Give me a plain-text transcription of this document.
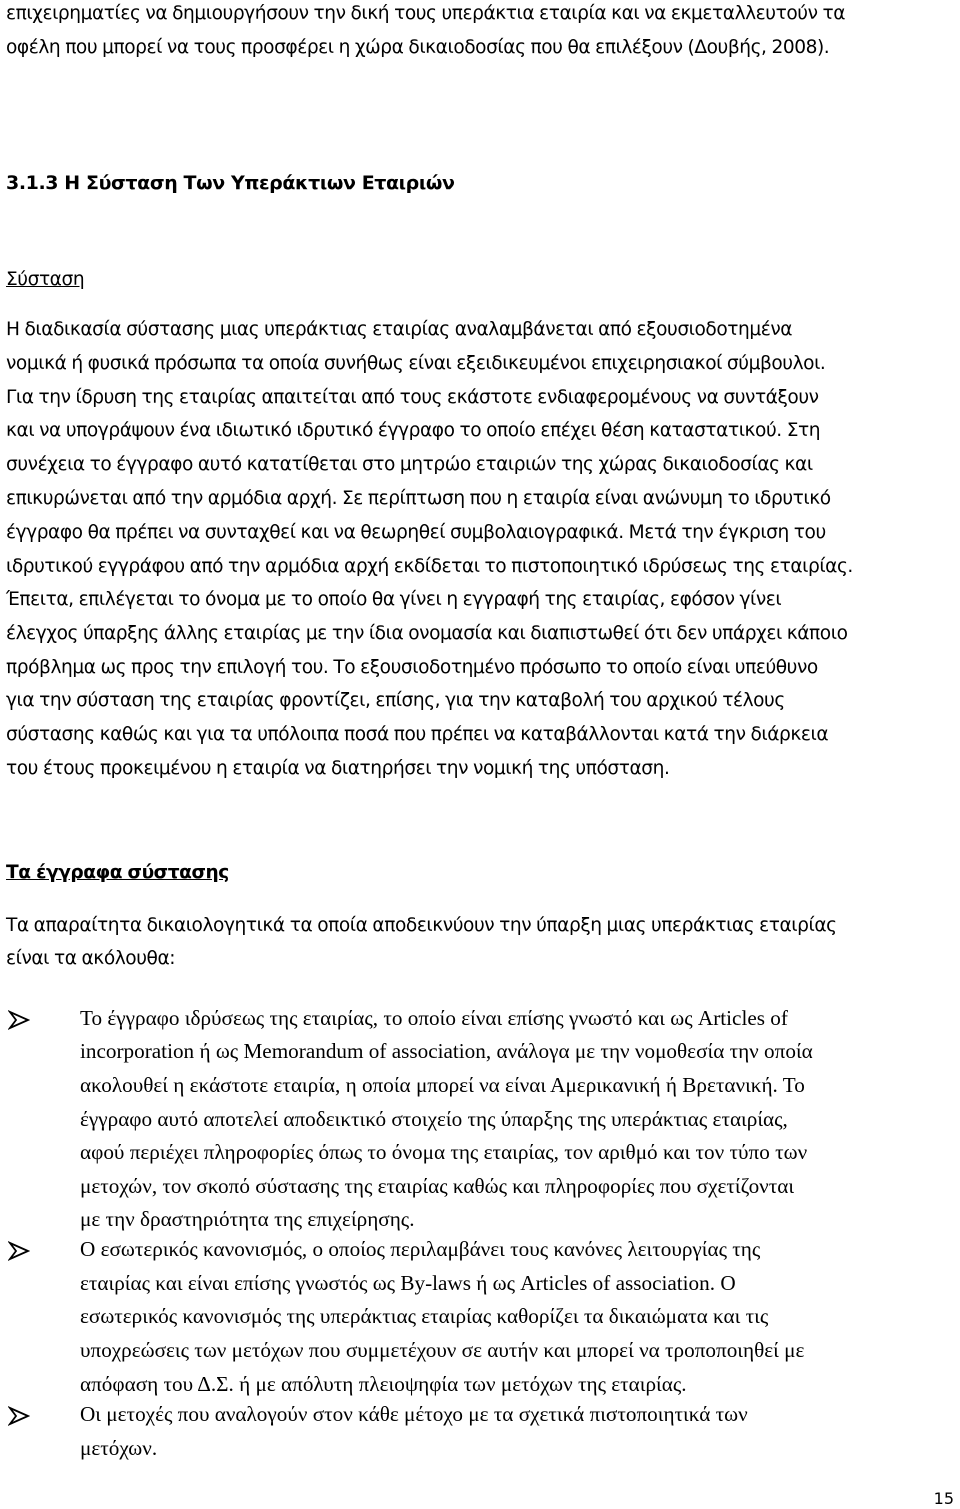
επιχειρηματίες να δημιουργήσουν την δική τους υπεράκτια εταιρία και να εκμεταλλευτούν τα

οφέλη που μπορεί να τους προσφέρει η χώρα δικαιοδοσίας που θα επιλέξουν (Δουβής, 2008).

3.1.3 Η Σύσταση Των Υπεράκτιων Εταιριών

Σύσταση

Η διαδικασία σύστασης μιας υπεράκτιας εταιρίας αναλαμβάνεται από εξουσιοδοτημένα

νομικά ή φυσικά πρόσωπα τα οποία συνήθως είναι εξειδικευμένοι επιχειρησιακοί σύμβουλοι.

Για την ίδρυση της εταιρίας απαιτείται από τους εκάστοτε ενδιαφερομένους να συντάξουν

και να υπογράψουν ένα ιδιωτικό ιδρυτικό έγγραφο το οποίο επέχει θέση καταστατικού. Στη

συνέχεια το έγγραφο αυτό κατατίθεται στο μητρώο εταιριών της χώρας δικαιοδοσίας και

επικυρώνεται από την αρμόδια αρχή. Σε περίπτωση που η εταιρία είναι ανώνυμη το ιδρυτικό

έγγραφο θα πρέπει να συνταχθεί και να θεωρηθεί συμβολαιογραφικά. Μετά την έγκριση του

ιδρυτικού εγγράφου από την αρμόδια αρχή εκδίδεται το πιστοποιητικό ιδρύσεως της εταιρίας.

Έπειτα, επιλέγεται το όνομα με το οποίο θα γίνει η εγγραφή της εταιρίας, εφόσον γίνει

έλεγχος ύπαρξης άλλης εταιρίας με την ίδια ονομασία και διαπιστωθεί ότι δεν υπάρχει κάποιο

πρόβλημα ως προς την επιλογή του. Το εξουσιοδοτημένο πρόσωπο το οποίο είναι υπεύθυνο

για την σύσταση της εταιρίας φροντίζει, επίσης, για την καταβολή του αρχικού τέλους

σύστασης καθώς και για τα υπόλοιπα ποσά που πρέπει να καταβάλλονται κατά την διάρκεια

του έτους προκειμένου η εταιρία να διατηρήσει την νομική της υπόσταση.

Τα έγγραφα σύστασης

Τα απαραίτητα δικαιολογητικά τα οποία αποδεικνύουν την ύπαρξη μιας υπεράκτιας εταιρίας

είναι τα ακόλουθα:

Το έγγραφο ιδρύσεως της εταιρίας, το οποίο είναι επίσης γνωστό και ως Articles of

incorporation ή ως Memorandum of association, ανάλογα με την νομοθεσία την οποία

ακολουθεί η εκάστοτε εταιρία, η οποία μπορεί να είναι Αμερικανική ή Βρετανική. Το

έγγραφο αυτό αποτελεί αποδεικτικό στοιχείο της ύπαρξης της υπεράκτιας εταιρίας,

αφού περιέχει πληροφορίες όπως το όνομα της εταιρίας, τον αριθμό και τον τύπο των

μετοχών, τον σκοπό σύστασης της εταιρίας καθώς και πληροφορίες που σχετίζονται

με την δραστηριότητα της επιχείρησης.

Ο εσωτερικός κανονισμός, ο οποίος περιλαμβάνει τους κανόνες λειτουργίας της

εταιρίας και είναι επίσης γνωστός ως By-laws ή ως Articles of association. Ο

εσωτερικός κανονισμός της υπεράκτιας εταιρίας καθορίζει τα δικαιώματα και τις

υποχρεώσεις των μετόχων που συμμετέχουν σε αυτήν και μπορεί να τροποποιηθεί με

απόφαση του Δ.Σ. ή με απόλυτη πλειοψηφία των μετόχων της εταιρίας.

Οι μετοχές που αναλογούν στον κάθε μέτοχο με τα σχετικά πιστοποιητικά των

μετόχων.

15
